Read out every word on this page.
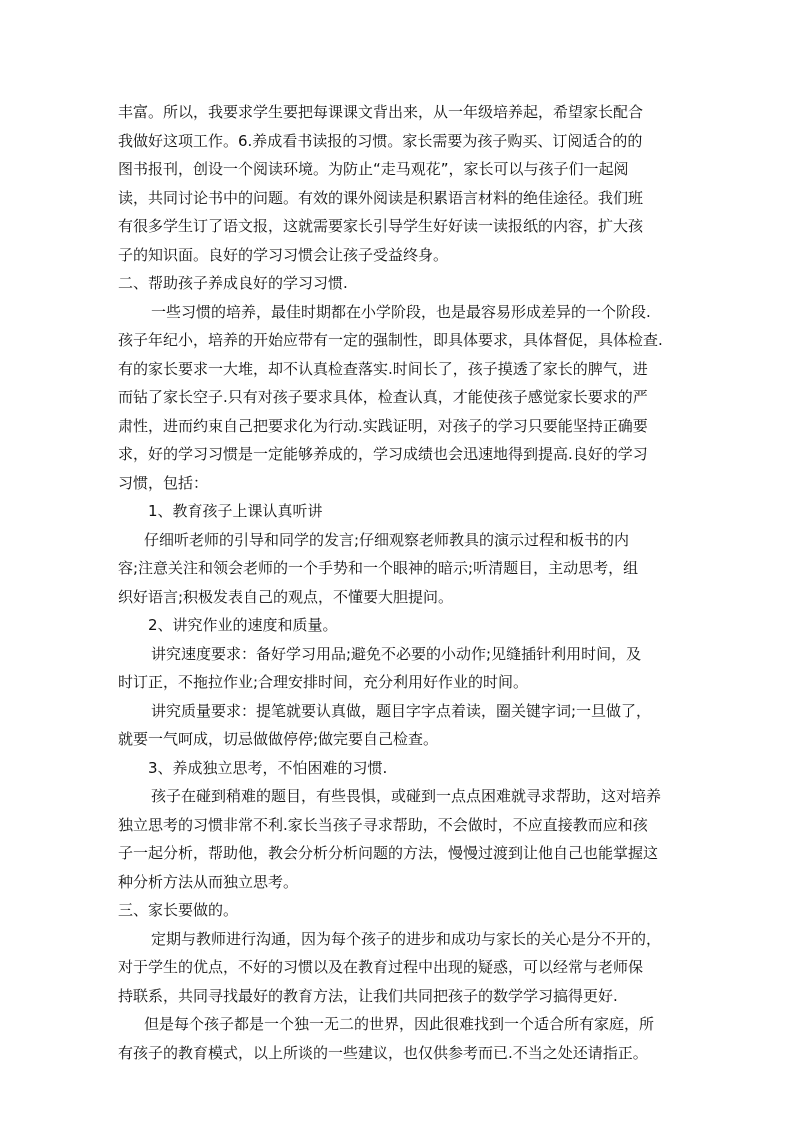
丰富。所以，我要求学生要把每课课文背出来，从一年级培养起，希望家长配合
我做好这项工作。6.养成看书读报的习惯。家长需要为孩子购买、订阅适合的的
图书报刊，创设一个阅读环境。为防止“走马观花”，家长可以与孩子们一起阅
读，共同讨论书中的问题。有效的课外阅读是积累语言材料的绝佳途径。我们班
有很多学生订了语文报，这就需要家长引导学生好好读一读报纸的内容，扩大孩
子的知识面。良好的学习习惯会让孩子受益终身。
二、帮助孩子养成良好的学习习惯.
一些习惯的培养，最佳时期都在小学阶段，也是最容易形成差异的一个阶段.
孩子年纪小，培养的开始应带有一定的强制性，即具体要求，具体督促，具体检查.
有的家长要求一大堆，却不认真检查落实.时间长了，孩子摸透了家长的脾气，进
而钻了家长空子.只有对孩子要求具体，检查认真，才能使孩子感觉家长要求的严
肃性，进而约束自己把要求化为行动.实践证明，对孩子的学习只要能坚持正确要
求，好的学习习惯是一定能够养成的，学习成绩也会迅速地得到提高.良好的学习
习惯，包括：
1、教育孩子上课认真听讲
仔细听老师的引导和同学的发言;仔细观察老师教具的演示过程和板书的内
容;注意关注和领会老师的一个手势和一个眼神的暗示;听清题目，主动思考，组
织好语言;积极发表自己的观点，不懂要大胆提问。
2、讲究作业的速度和质量。
讲究速度要求：备好学习用品;避免不必要的小动作;见缝插针利用时间，及
时订正，不拖拉作业;合理安排时间，充分利用好作业的时间。
讲究质量要求：提笔就要认真做，题目字字点着读，圈关键字词;一旦做了，
就要一气呵成，切忌做做停停;做完要自己检查。
3、养成独立思考，不怕困难的习惯.
孩子在碰到稍难的题目，有些畏惧，或碰到一点点困难就寻求帮助，这对培养
独立思考的习惯非常不利.家长当孩子寻求帮助，不会做时，不应直接教而应和孩
子一起分析，帮助他，教会分析分析问题的方法，慢慢过渡到让他自己也能掌握这
种分析方法从而独立思考。
三、家长要做的。
定期与教师进行沟通，因为每个孩子的进步和成功与家长的关心是分不开的，
对于学生的优点，不好的习惯以及在教育过程中出现的疑惑，可以经常与老师保
持联系，共同寻找最好的教育方法，让我们共同把孩子的数学学习搞得更好.
但是每个孩子都是一个独一无二的世界，因此很难找到一个适合所有家庭，所
有孩子的教育模式，以上所谈的一些建议，也仅供参考而已.不当之处还请指正。
